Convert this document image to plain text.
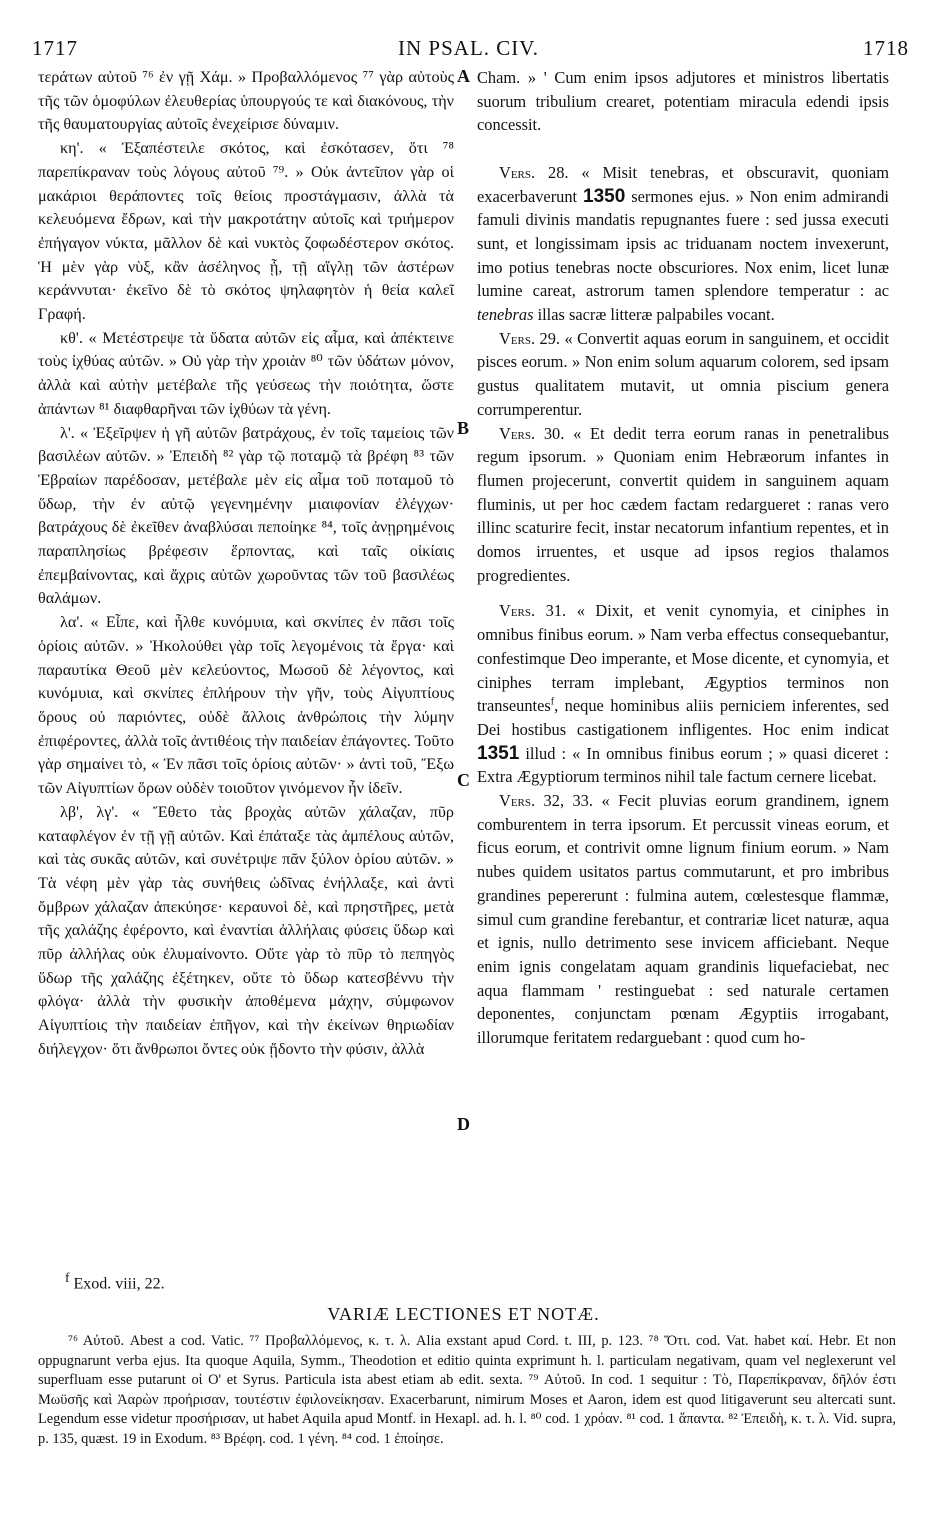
1717	IN PSAL. CIV.	1718
A
B
C
D

τεράτων αὐτοῦ ⁷⁶ ἐν γῇ Χάμ. » Προβαλλόμενος ⁷⁷ γὰρ αὐτοὺς τῆς τῶν ὁμοφύλων ἐλευθερίας ὑπουργούς τε καὶ διακόνους, τὴν τῆς θαυματουργίας αὐτοῖς ἐνεχείρισε δύναμιν.

κη'. « Ἐξαπέστειλε σκότος, καὶ ἐσκότασεν, ὅτι ⁷⁸ παρεπίκραναν τοὺς λόγους αὐτοῦ ⁷⁹. » Οὐκ ἀντεῖπον γὰρ οἱ μακάριοι θεράποντες τοῖς θείοις προστάγμασιν, ἀλλὰ τὰ κελευόμενα ἔδρων, καὶ τὴν μακροτάτην αὐτοῖς καὶ τριήμερον ἐπήγαγον νύκτα, μᾶλλον δὲ καὶ νυκτὸς ζοφωδέστερον σκότος. Ἡ μὲν γὰρ νὺξ, κἂν ἀσέληνος ᾖ, τῇ αἴγλῃ τῶν ἀστέρων κεράννυται· ἐκεῖνο δὲ τὸ σκότος ψηλαφητὸν ἡ θεία καλεῖ Γραφή.

κθ'. « Μετέστρεψε τὰ ὕδατα αὐτῶν εἰς αἷμα, καὶ ἀπέκτεινε τοὺς ἰχθύας αὐτῶν. » Οὐ γὰρ τὴν χροιὰν ⁸⁰ τῶν ὑδάτων μόνον, ἀλλὰ καὶ αὐτὴν μετέβαλε τῆς γεύσεως τὴν ποιότητα, ὥστε ἀπάντων ⁸¹ διαφθαρῆναι τῶν ἰχθύων τὰ γένη.

λ'. « Ἐξεῖρψεν ἡ γῆ αὐτῶν βατράχους, ἐν τοῖς ταμείοις τῶν βασιλέων αὐτῶν. » Ἐπειδὴ ⁸² γὰρ τῷ ποταμῷ τὰ βρέφη ⁸³ τῶν Ἑβραίων παρέδοσαν, μετέβαλε μὲν εἰς αἷμα τοῦ ποταμοῦ τὸ ὕδωρ, τὴν ἐν αὐτῷ γεγενημένην μιαιφονίαν ἐλέγχων· βατράχους δὲ ἐκεῖθεν ἀναβλύσαι πεποίηκε ⁸⁴, τοῖς ἀνῃρημένοις παραπλησίως βρέφεσιν ἕρποντας, καὶ ταῖς οἰκίαις ἐπεμβαίνοντας, καὶ ἄχρις αὐτῶν χωροῦντας τῶν τοῦ βασιλέως θαλάμων.

λα'. « Εἶπε, καὶ ἦλθε κυνόμυια, καὶ σκνίπες ἐν πᾶσι τοῖς ὁρίοις αὐτῶν. » Ἠκολούθει γὰρ τοῖς λεγομένοις τὰ ἔργα· καὶ παραυτίκα Θεοῦ μὲν κελεύοντος, Μωσοῦ δὲ λέγοντος, καὶ κυνόμυια, καὶ σκνίπες ἐπλήρουν τὴν γῆν, τοὺς Αἰγυπτίους ὅρους οὐ παριόντες, οὐδὲ ἄλλοις ἀνθρώποις τὴν λύμην ἐπιφέροντες, ἀλλὰ τοῖς ἀντιθέοις τὴν παιδείαν ἐπάγοντες. Τοῦτο γὰρ σημαίνει τὸ, « Ἐν πᾶσι τοῖς ὁρίοις αὐτῶν· » ἀντὶ τοῦ, Ἔξω τῶν Αἰγυπτίων ὅρων οὐδὲν τοιοῦτον γινόμενον ἦν ἰδεῖν.

λβ', λγ'. « Ἔθετο τὰς βροχὰς αὐτῶν χάλαζαν, πῦρ καταφλέγον ἐν τῇ γῇ αὐτῶν. Καὶ ἐπάταξε τὰς ἀμπέλους αὐτῶν, καὶ τὰς συκᾶς αὐτῶν, καὶ συνέτριψε πᾶν ξύλον ὁρίου αὐτῶν. » Τὰ νέφη μὲν γὰρ τὰς συνήθεις ὠδῖνας ἐνήλλαξε, καὶ ἀντὶ ὄμβρων χάλαζαν ἀπεκύησε· κεραυνοὶ δὲ, καὶ πρηστῆρες, μετὰ τῆς χαλάζης ἐφέροντο, καὶ ἐναντίαι ἀλλήλαις φύσεις ὕδωρ καὶ πῦρ ἀλλήλας οὐκ ἐλυμαίνοντο. Οὔτε γὰρ τὸ πῦρ τὸ πεπηγὸς ὕδωρ τῆς χαλάζης ἐξέτηκεν, οὔτε τὸ ὕδωρ κατεσβέννυ τὴν φλόγα· ἀλλὰ τὴν φυσικὴν ἀποθέμενα μάχην, σύμφωνον Αἰγυπτίοις τὴν παιδείαν ἐπῆγον, καὶ τὴν ἐκείνων θηριωδίαν διήλεγχον· ὅτι ἄνθρωποι ὄντες οὐκ ᾔδοντο τὴν φύσιν, ἀλλὰ

Cham. » ' Cum enim ipsos adjutores et ministros libertatis suorum tribulium crearet, potentiam miracula edendi ipsis concessit.

Vers. 28. « Misit tenebras, et obscuravit, quoniam exacerbaverunt 1350 sermones ejus. » Non enim admirandi famuli divinis mandatis repugnantes fuere : sed jussa executi sunt, et longissimam ipsis ac triduanam noctem invexerunt, imo potius tenebras nocte obscuriores. Nox enim, licet lunæ lumine careat, astrorum tamen splendore temperatur : ac tenebras illas sacræ litteræ palpabiles vocant.

Vers. 29. « Convertit aquas eorum in sanguinem, et occidit pisces eorum. » Non enim solum aquarum colorem, sed ipsam gustus qualitatem mutavit, ut omnia piscium genera corrumperentur.

Vers. 30. « Et dedit terra eorum ranas in penetralibus regum ipsorum. » Quoniam enim Hebræorum infantes in flumen projecerunt, convertit quidem in sanguinem aquam fluminis, ut per hoc cædem factam redargueret : ranas vero illinc scaturire fecit, instar necatorum infantium repentes, et in domos irruentes, et usque ad ipsos regios thalamos progredientes.

Vers. 31. « Dixit, et venit cynomyia, et ciniphes in omnibus finibus eorum. » Nam verba effectus consequebantur, confestimque Deo imperante, et Mose dicente, et cynomyia, et ciniphes terram implebant, Ægyptios terminos non transeuntes$^f$, neque hominibus aliis perniciem inferentes, sed Dei hostibus castigationem infligentes. Hoc enim indicat 1351 illud : « In omnibus finibus eorum ; » quasi diceret : Extra Ægyptiorum terminos nihil tale factum cernere licebat.

Vers. 32, 33. « Fecit pluvias eorum grandinem, ignem comburentem in terra ipsorum. Et percussit vineas eorum, et ficus eorum, et contrivit omne lignum finium eorum. » Nam nubes quidem usitatos partus commutarunt, et pro imbribus grandines pepererunt : fulmina autem, cœlestesque flammæ, simul cum grandine ferebantur, et contrariæ licet naturæ, aqua et ignis, nullo detrimento sese invicem afficiebant. Neque enim ignis congelatam aquam grandinis liquefaciebat, nec aqua flammam ' restinguebat : sed naturale certamen deponentes, conjunctam pœnam Ægyptiis irrogabant, illorumque feritatem redarguebant : quod cum ho-

$^f$ Exod. viii, 22.
VARIÆ LECTIONES ET NOTÆ.

⁷⁶ Αὐτοῦ. Abest a cod. Vatic. ⁷⁷ Προβαλλόμενος, κ. τ. λ. Alia exstant apud Cord. t. III, p. 123. ⁷⁸ Ὅτι. cod. Vat. habet καί. Hebr. Et non oppugnarunt verba ejus. Ita quoque Aquila, Symm., Theodotion et editio quinta exprimunt h. l. particulam negativam, quam vel neglexerunt vel superfluam esse putarunt οἱ O' et Syrus. Particula ista abest etiam ab edit. sexta. ⁷⁹ Αὐτοῦ. In cod. 1 sequitur : Τὸ, Παρεπίκραναν, δῆλόν ἐστι Μωϋσῆς καὶ Ἀαρὼν προήρισαν, τουτέστιν ἐφιλονείκησαν. Exacerbarunt, nimirum Moses et Aaron, idem est quod litigaverunt seu altercati sunt. Legendum esse videtur προσήρισαν, ut habet Aquila apud Montf. in Hexapl. ad. h. l. ⁸⁰ cod. 1 χρόαν. ⁸¹ cod. 1 ἅπαντα. ⁸² Ἐπειδὴ, κ. τ. λ. Vid. supra, p. 135, quæst. 19 in Exodum. ⁸³ Βρέφη. cod. 1 γένη. ⁸⁴ cod. 1 ἐποίησε.
